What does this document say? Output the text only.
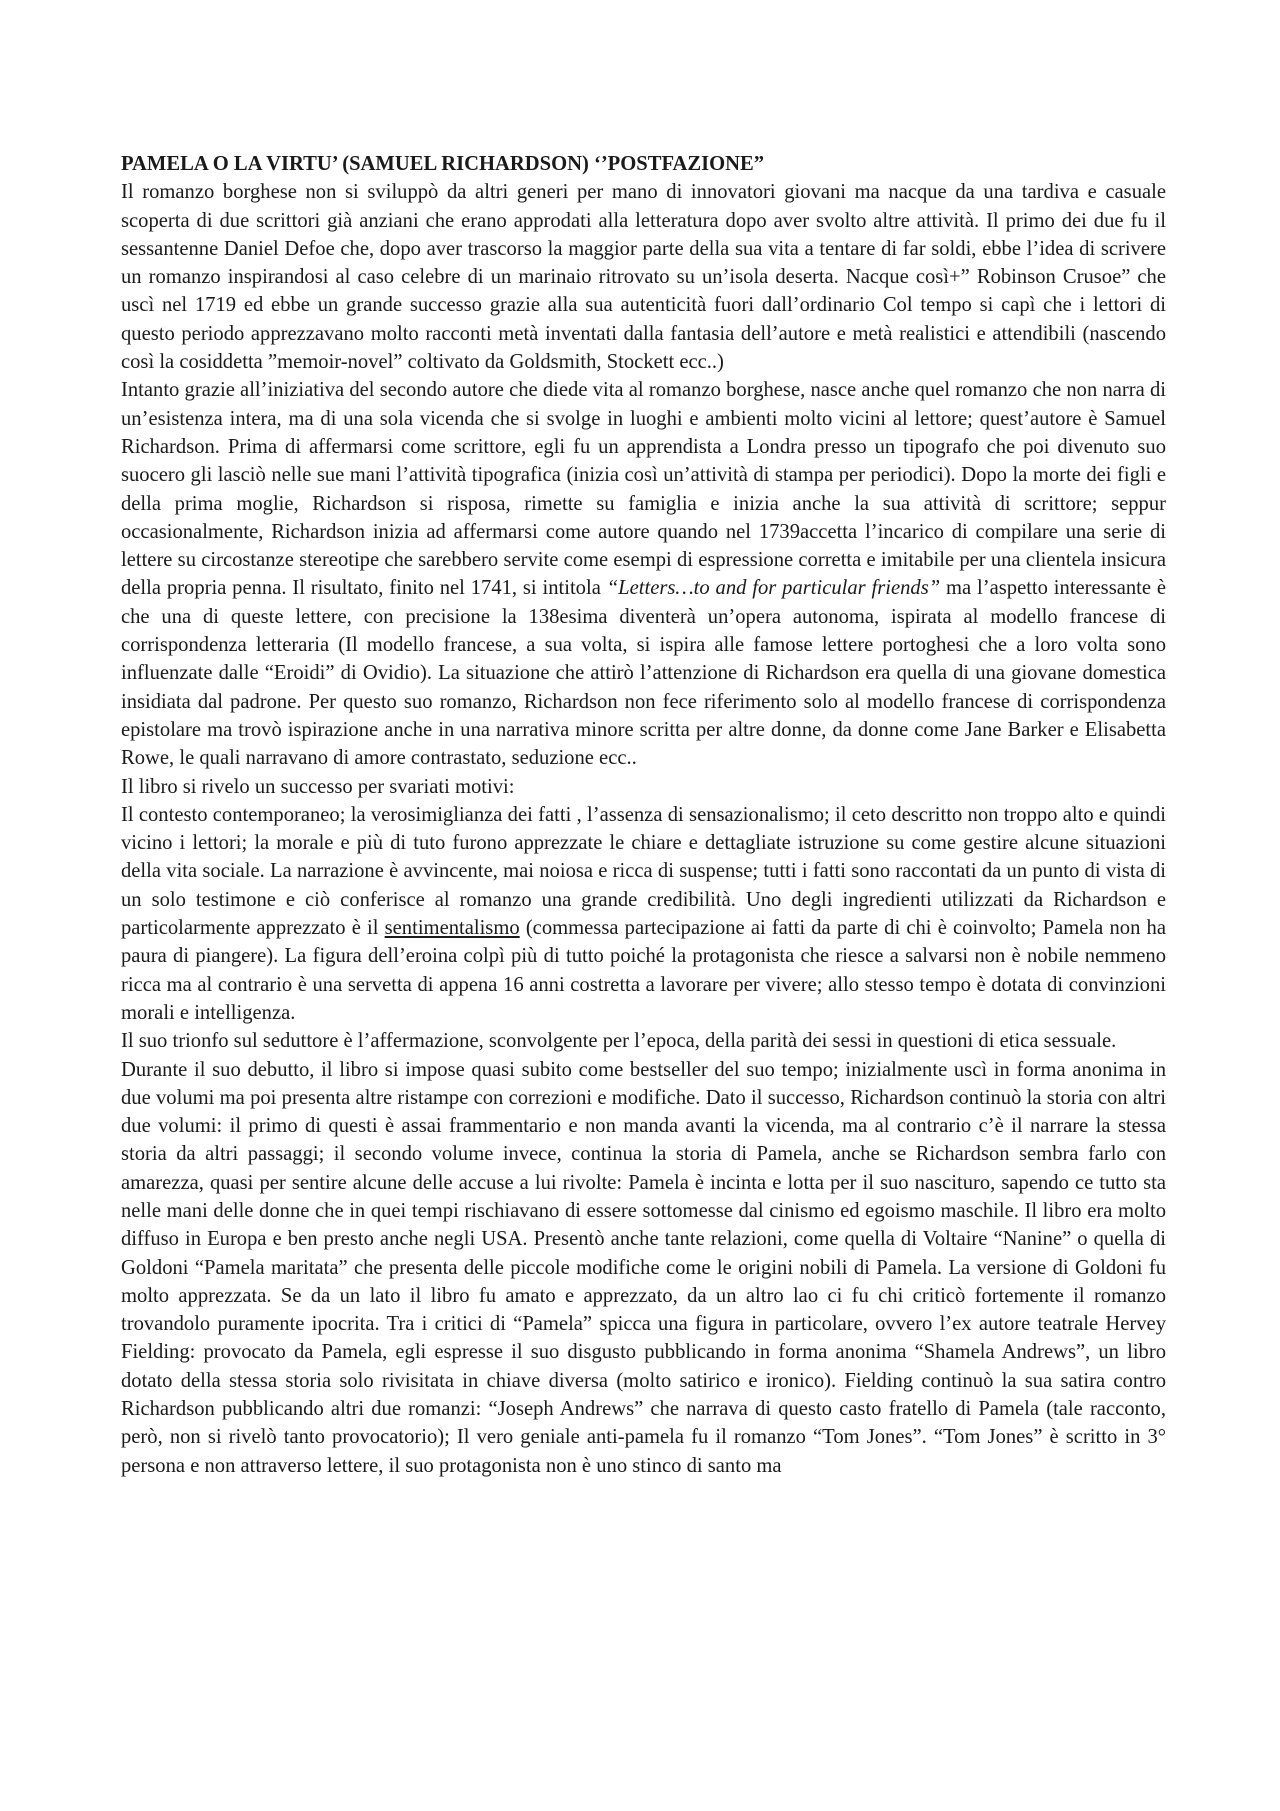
PAMELA O LA VIRTU’ (SAMUEL RICHARDSON) ‘’POSTFAZIONE”

Il romanzo borghese non si sviluppò da altri generi per mano di innovatori giovani ma nacque da una tardiva e casuale scoperta di due scrittori già anziani che erano approdati alla letteratura dopo aver svolto altre attività. Il primo dei due fu il sessantenne Daniel Defoe che, dopo aver trascorso la maggior parte della sua vita a tentare di far soldi, ebbe l’idea di scrivere un romanzo inspirandosi al caso celebre di un marinaio ritrovato su un’isola deserta. Nacque così+” Robinson Crusoe” che uscì nel 1719 ed ebbe un grande successo grazie alla sua autenticità fuori dall’ordinario Col tempo si capì che i lettori di questo periodo apprezzavano molto racconti metà inventati dalla fantasia dell’autore e metà realistici e attendibili (nascendo così la cosiddetta ”memoir-novel” coltivato da Goldsmith, Stockett ecc..)

Intanto grazie all’iniziativa del secondo autore che diede vita al romanzo borghese, nasce anche quel romanzo che non narra di un’esistenza intera, ma di una sola vicenda che si svolge in luoghi e ambienti molto vicini al lettore; quest’autore è Samuel Richardson. Prima di affermarsi come scrittore, egli fu un apprendista a Londra presso un tipografo che poi divenuto suo suocero gli lasciò nelle sue mani l’attività tipografica (inizia così un’attività di stampa per periodici). Dopo la morte dei figli e della prima moglie, Richardson si risposa, rimette su famiglia e inizia anche la sua attività di scrittore; seppur occasionalmente, Richardson inizia ad affermarsi come autore quando nel 1739accetta l’incarico di compilare una serie di lettere su circostanze stereotipe che sarebbero servite come esempi di espressione corretta e imitabile per una clientela insicura della propria penna. Il risultato, finito nel 1741, si intitola “Letters…to and for particular friends” ma l’aspetto interessante è che una di queste lettere, con precisione la 138esima diventerà un’opera autonoma, ispirata al modello francese di corrispondenza letteraria (Il modello francese, a sua volta, si ispira alle famose lettere portoghesi che a loro volta sono influenzate dalle “Eroidi” di Ovidio). La situazione che attirò l’attenzione di Richardson era quella di una giovane domestica insidiata dal padrone. Per questo suo romanzo, Richardson non fece riferimento solo al modello francese di corrispondenza epistolare ma trovò ispirazione anche in una narrativa minore scritta per altre donne, da donne come Jane Barker e Elisabetta Rowe, le quali narravano di amore contrastato, seduzione ecc..

Il libro si rivelo un successo per svariati motivi:

Il contesto contemporaneo; la verosimiglianza dei fatti , l’assenza di sensazionalismo; il ceto descritto non troppo alto e quindi vicino i lettori; la morale e più di tuto furono apprezzate le chiare e dettagliate istruzione su come gestire alcune situazioni della vita sociale. La narrazione è avvincente, mai noiosa e ricca di suspense; tutti i fatti sono raccontati da un punto di vista di un solo testimone e ciò conferisce al romanzo una grande credibilità. Uno degli ingredienti utilizzati da Richardson e particolarmente apprezzato è il sentimentalismo (commessa partecipazione ai fatti da parte di chi è coinvolto; Pamela non ha paura di piangere). La figura dell’eroina colpì più di tutto poiché la protagonista che riesce a salvarsi non è nobile nemmeno ricca ma al contrario è una servetta di appena 16 anni costretta a lavorare per vivere; allo stesso tempo è dotata di convinzioni morali e intelligenza.

Il suo trionfo sul seduttore è l’affermazione, sconvolgente per l’epoca, della parità dei sessi in questioni di etica sessuale.

Durante il suo debutto, il libro si impose quasi subito come bestseller del suo tempo; inizialmente uscì in forma anonima in due volumi ma poi presenta altre ristampe con correzioni e modifiche. Dato il successo, Richardson continuò la storia con altri due volumi: il primo di questi è assai frammentario e non manda avanti la vicenda, ma al contrario c’è il narrare la stessa storia da altri passaggi; il secondo volume invece, continua la storia di Pamela, anche se Richardson sembra farlo con amarezza, quasi per sentire alcune delle accuse a lui rivolte: Pamela è incinta e lotta per il suo nascituro, sapendo ce tutto sta nelle mani delle donne che in quei tempi rischiavano di essere sottomesse dal cinismo ed egoismo maschile. Il libro era molto diffuso in Europa e ben presto anche negli USA. Presentò anche tante relazioni, come quella di Voltaire “Nanine” o quella di Goldoni “Pamela maritata” che presenta delle piccole modifiche come le origini nobili di Pamela. La versione di Goldoni fu molto apprezzata. Se da un lato il libro fu amato e apprezzato, da un altro lao ci fu chi criticò fortemente il romanzo trovandolo puramente ipocrita. Tra i critici di “Pamela” spicca una figura in particolare, ovvero l’ex autore teatrale Hervey Fielding: provocato da Pamela, egli espresse il suo disgusto pubblicando in forma anonima “Shamela Andrews”, un libro dotato della stessa storia solo rivisitata in chiave diversa (molto satirico e ironico). Fielding continuò la sua satira contro Richardson pubblicando altri due romanzi: “Joseph Andrews” che narrava di questo casto fratello di Pamela (tale racconto, però, non si rivelò tanto provocatorio); Il vero geniale anti-pamela fu il romanzo “Tom Jones”. “Tom Jones” è scritto in 3° persona e non attraverso lettere, il suo protagonista non è uno stinco di santo ma
